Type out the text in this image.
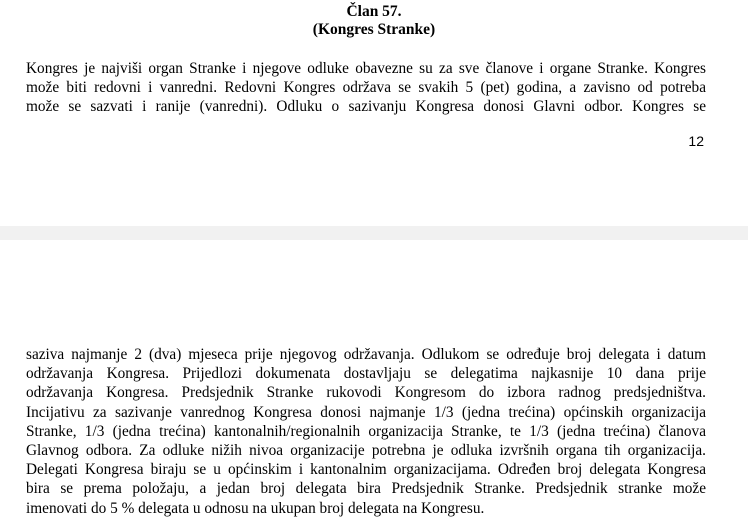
Član 57.
(Kongres Stranke)
Kongres je najviši organ Stranke i njegove odluke obavezne su za sve članove i organe Stranke. Kongres
može biti redovni i vanredni. Redovni Kongres održava se svakih 5 (pet) godina, a zavisno od potreba
može se sazvati i ranije (vanredni). Odluku o sazivanju Kongresa donosi Glavni odbor. Kongres se
12
saziva najmanje 2 (dva) mjeseca prije njegovog održavanja. Odlukom se određuje broj delegata i datum
održavanja Kongresa. Prijedlozi dokumenata dostavljaju se delegatima najkasnije 10 dana prije
održavanja Kongresa. Predsjednik Stranke rukovodi Kongresom do izbora radnog predsjedništva.
Incijativu za sazivanje vanrednog Kongresa donosi najmanje 1/3 (jedna trećina) općinskih organizacija
Stranke, 1/3 (jedna trećina) kantonalnih/regionalnih organizacija Stranke, te 1/3 (jedna trećina) članova
Glavnog odbora. Za odluke nižih nivoa organizacije potrebna je odluka izvršnih organa tih organizacija.
Delegati Kongresa biraju se u općinskim i kantonalnim organizacijama. Određen broj delegata Kongresa
bira se prema položaju, a jedan broj delegata bira Predsjednik Stranke. Predsjednik stranke može
imenovati do 5 % delegata u odnosu na ukupan broj delegata na Kongresu.
